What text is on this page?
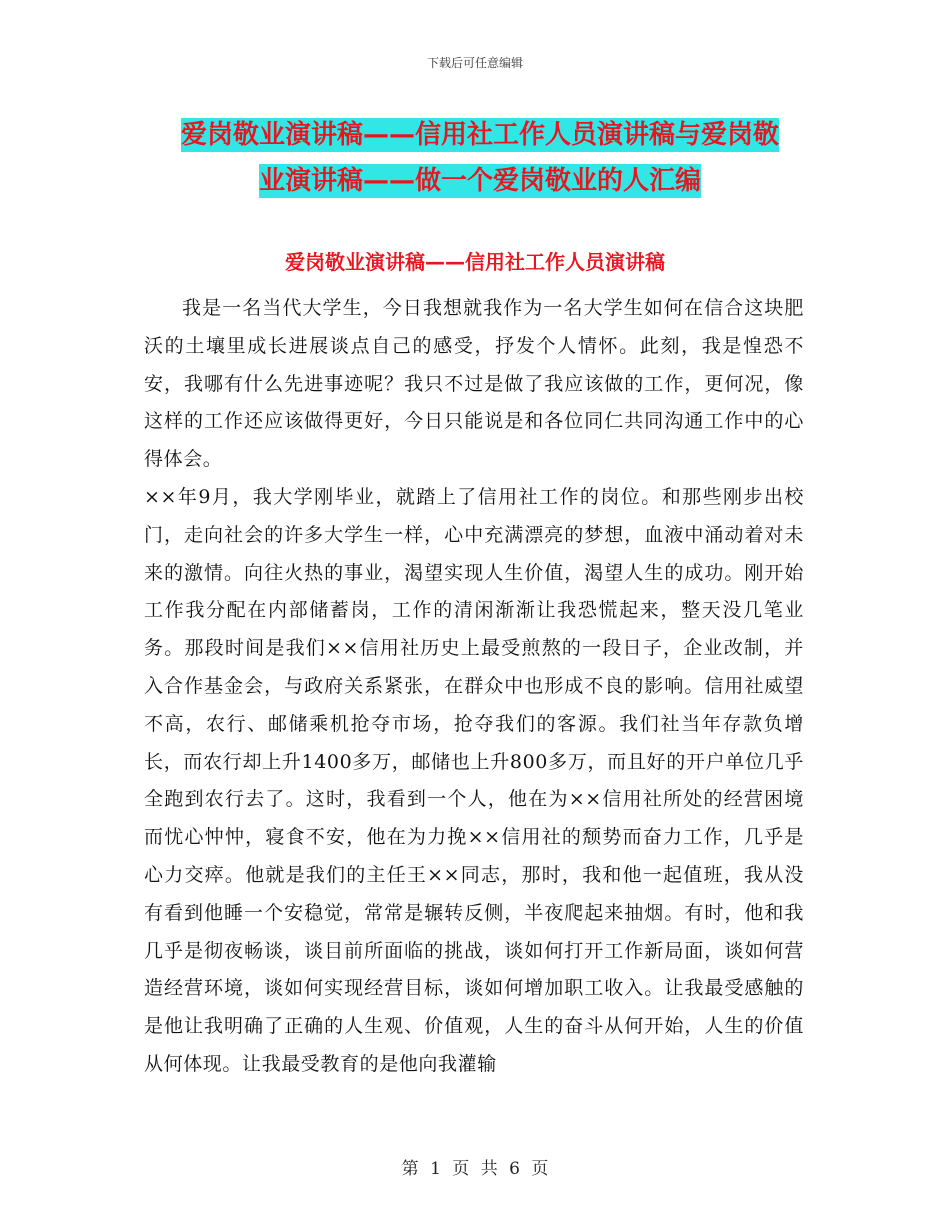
下载后可任意编辑
爱岗敬业演讲稿——信用社工作人员演讲稿与爱岗敬
业演讲稿——做一个爱岗敬业的人汇编
爱岗敬业演讲稿——信用社工作人员演讲稿

我是一名当代大学生，今日我想就我作为一名大学生如何在信合这块肥沃的土壤里成长进展谈点自己的感受，抒发个人情怀。此刻，我是惶恐不安，我哪有什么先进事迹呢？我只不过是做了我应该做的工作，更何况，像这样的工作还应该做得更好，今日只能说是和各位同仁共同沟通工作中的心得体会。

××年9月，我大学刚毕业，就踏上了信用社工作的岗位。和那些刚步出校门，走向社会的许多大学生一样，心中充满漂亮的梦想，血液中涌动着对未来的激情。向往火热的事业，渴望实现人生价值，渴望人生的成功。刚开始工作我分配在内部储蓄岗，工作的清闲渐渐让我恐慌起来，整天没几笔业务。那段时间是我们××信用社历史上最受煎熬的一段日子，企业改制，并入合作基金会，与政府关系紧张，在群众中也形成不良的影响。信用社威望不高，农行、邮储乘机抢夺市场，抢夺我们的客源。我们社当年存款负增长，而农行却上升1400多万，邮储也上升800多万，而且好的开户单位几乎全跑到农行去了。这时，我看到一个人，他在为××信用社所处的经营困境而忧心忡忡，寝食不安，他在为力挽××信用社的颓势而奋力工作，几乎是心力交瘁。他就是我们的主任王××同志，那时，我和他一起值班，我从没有看到他睡一个安稳觉，常常是辗转反侧，半夜爬起来抽烟。有时，他和我几乎是彻夜畅谈，谈目前所面临的挑战，谈如何打开工作新局面，谈如何营造经营环境，谈如何实现经营目标，谈如何增加职工收入。让我最受感触的是他让我明确了正确的人生观、价值观，人生的奋斗从何开始，人生的价值从何体现。让我最受教育的是他向我灌输

第 1 页 共 6 页
